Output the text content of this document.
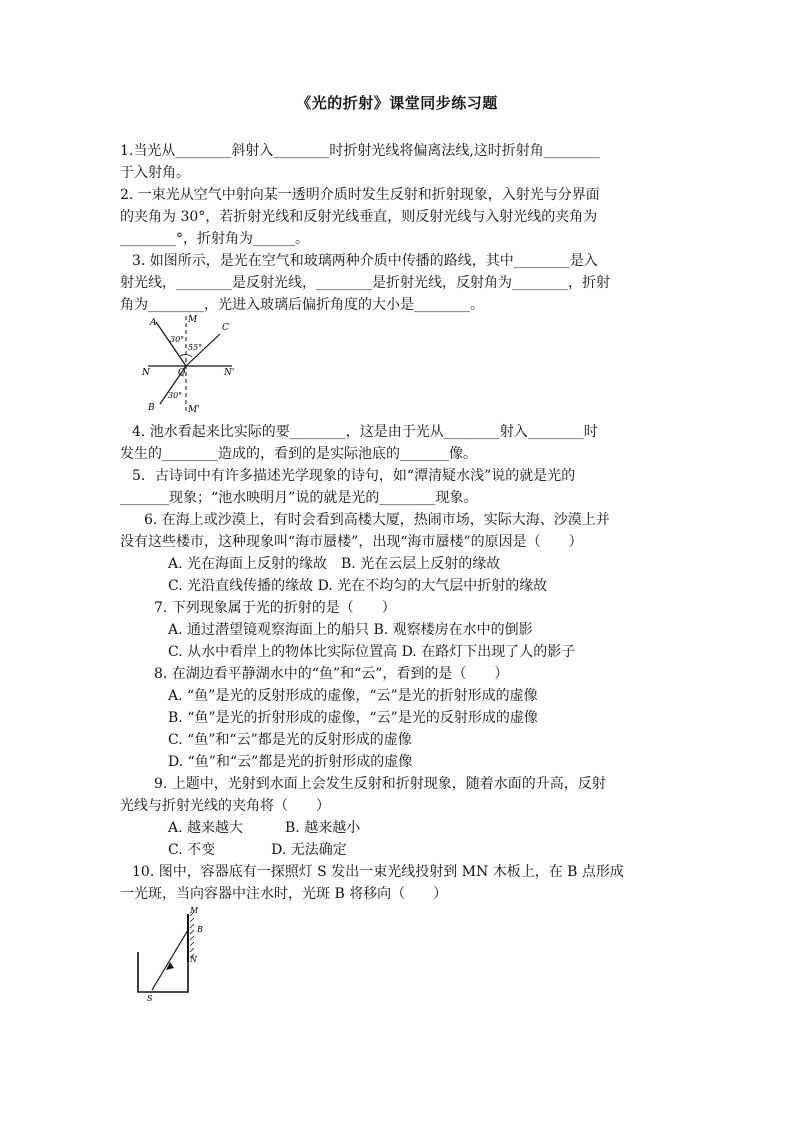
《光的折射》课堂同步练习题
1.当光从________斜射入________时折射光线将偏离法线,这时折射角________
于入射角。
2. 一束光从空气中射向某一透明介质时发生反射和折射现象，入射光与分界面
的夹角为 30°，若折射光线和反射光线垂直，则反射光线与入射光线的夹角为
________°，折射角为______。
3. 如图所示，是光在空气和玻璃两种介质中传播的路线，其中________是入
射光线，________是反射光线，________是折射光线，反射角为________，折射
角为________，光进入玻璃后偏折角度的大小是________。
A	M
C
30°
55°
N	O	N'
B
30°
M'
4. 池水看起来比实际的要________，这是由于光从________射入________时
发生的________造成的，看到的是实际池底的_______像。
5．古诗词中有许多描述光学现象的诗句，如“潭清疑水浅”说的就是光的
_______现象；“池水映明月”说的就是光的________现象。
6. 在海上或沙漠上，有时会看到高楼大厦，热闹市场，实际大海、沙漠上并
没有这些楼市，这种现象叫“海市蜃楼”，出现“海市蜃楼”的原因是（　　）
A. 光在海面上反射的缘故　B. 光在云层上反射的缘故
C. 光沿直线传播的缘故 D. 光在不均匀的大气层中折射的缘故
7. 下列现象属于光的折射的是（　　）
A. 通过潜望镜观察海面上的船只 B. 观察楼房在水中的倒影
C. 从水中看岸上的物体比实际位置高 D. 在路灯下出现了人的影子
8. 在湖边看平静湖水中的“鱼”和“云”，看到的是（　　）
A. “鱼”是光的反射形成的虚像，“云”是光的折射形成的虚像
B. “鱼”是光的折射形成的虚像，“云”是光的反射形成的虚像
C. “鱼”和“云”都是光的反射形成的虚像
D. “鱼”和“云”都是光的折射形成的虚像
9. 上题中，光射到水面上会发生反射和折射现象，随着水面的升高，反射
光线与折射光线的夹角将（　　）
A. 越来越大　　　B. 越来越小
C. 不变　　　　D. 无法确定
10. 图中，容器底有一探照灯 S 发出一束光线投射到 MN 木板上，在 B 点形成
一光斑，当向容器中注水时，光斑 B 将移向（　　）
M
B
N
S
